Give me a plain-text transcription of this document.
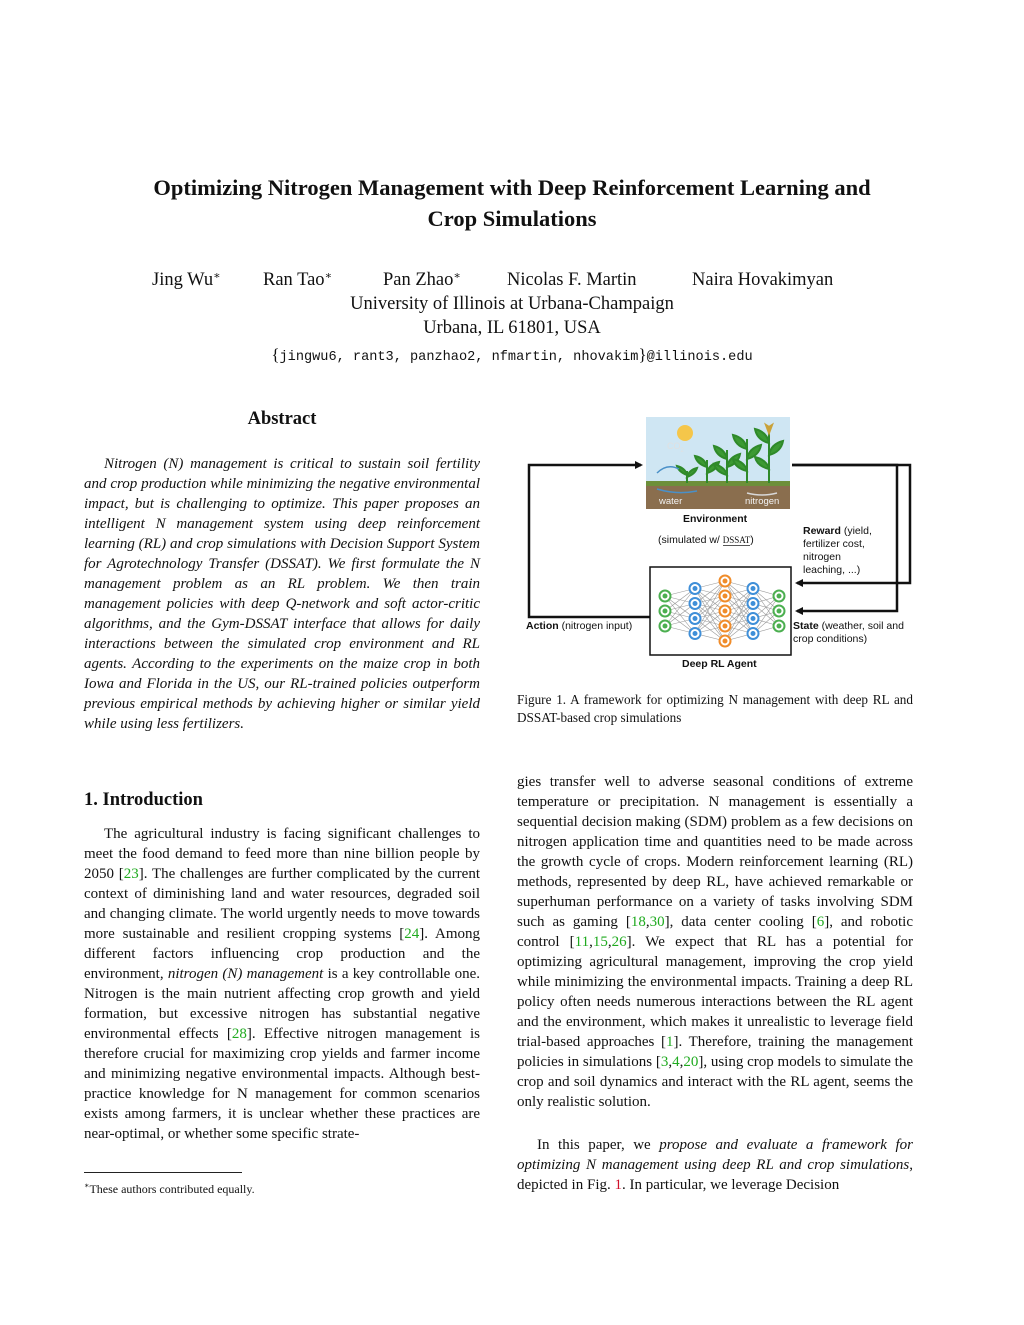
Optimizing Nitrogen Management with Deep Reinforcement Learning and
Crop Simulations
Jing Wu∗ Ran Tao∗	Pan Zhao∗ Nicolas F. Martin	Naira Hovakimyan
University of Illinois at Urbana-Champaign
Urbana, IL 61801, USA
{jingwu6, rant3, panzhao2, nfmartin, nhovakim}@illinois.edu
Abstract

Nitrogen (N) management is critical to sustain soil fertility and crop production while minimizing the negative environmental impact, but is challenging to optimize. This paper proposes an intelligent N management system using deep reinforcement learning (RL) and crop simulations with Decision Support System for Agrotechnology Transfer (DSSAT). We first formulate the N management problem as an RL problem. We then train management policies with deep Q-network and soft actor-critic algorithms, and the Gym-DSSAT interface that allows for daily interactions between the simulated crop environment and RL agents. According to the experiments on the maize crop in both Iowa and Florida in the US, our RL-trained policies outperform previous empirical methods by achieving higher or similar yield while using less fertilizers.

1. Introduction

The agricultural industry is facing significant challenges to meet the food demand to feed more than nine billion people by 2050 [23]. The challenges are further complicated by the current context of diminishing land and water resources, degraded soil and changing climate. The world urgently needs to move towards more sustainable and resilient cropping systems [24]. Among different factors influencing crop production and the environment, nitrogen (N) management is a key controllable one. Nitrogen is the main nutrient affecting crop growth and yield formation, but excessive nitrogen has substantial negative environmental effects [28]. Effective nitrogen management is therefore crucial for maximizing crop yields and farmer income and minimizing negative environmental impacts. Although best-practice knowledge for N management for common scenarios exists among farmers, it is unclear whether these practices are near-optimal, or whether some specific strate-

∗These authors contributed equally.
Environment
(simulated w/ DSSAT)
$CO_2$
water	nitrogen
Reward (yield,
fertilizer cost,
nitrogen
leaching, ...)
Action (nitrogen input)	State (weather, soil and
crop conditions)
Deep RL Agent
Figure 1. A framework for optimizing N management with deep RL and DSSAT-based crop simulations

gies transfer well to adverse seasonal conditions of extreme temperature or precipitation. N management is essentially a sequential decision making (SDM) problem as a few decisions on nitrogen application time and quantities need to be made across the growth cycle of crops. Modern reinforcement learning (RL) methods, represented by deep RL, have achieved remarkable or superhuman performance on a variety of tasks involving SDM such as gaming [18,30], data center cooling [6], and robotic control [11,15,26]. We expect that RL has a potential for optimizing agricultural management, improving the crop yield while minimizing the environmental impacts. Training a deep RL policy often needs numerous interactions between the RL agent and the environment, which makes it unrealistic to leverage field trial-based approaches [1]. Therefore, training the management policies in simulations [3,4,20], using crop models to simulate the crop and soil dynamics and interact with the RL agent, seems the only realistic solution.

In this paper, we propose and evaluate a framework for optimizing N management using deep RL and crop simulations, depicted in Fig. 1. In particular, we leverage Decision
